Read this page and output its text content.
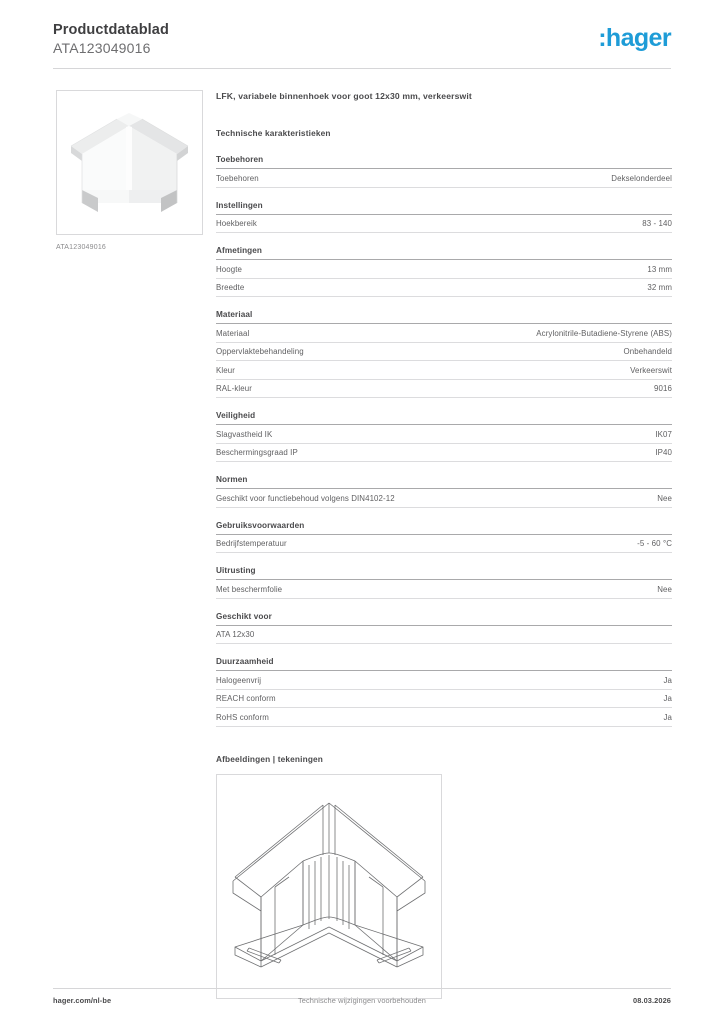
Productdatablad
ATA123049016	:hager
ATA123049016
LFK, variabele binnenhoek voor goot 12x30 mm, verkeerswit
Technische karakteristieken
Toebehoren
Toebehoren	Dekselonderdeel
Instellingen
Hoekbereik	83 - 140
Afmetingen
Hoogte	13 mm
Breedte	32 mm
Materiaal
Materiaal	Acrylonitrile-Butadiene-Styrene (ABS)
Oppervlaktebehandeling	Onbehandeld
Kleur	Verkeerswit
RAL-kleur	9016
Veiligheid
Slagvastheid IK	IK07
Beschermingsgraad IP	IP40
Normen
Geschikt voor functiebehoud volgens DIN4102-12	Nee
Gebruiksvoorwaarden
Bedrijfstemperatuur	-5 - 60 °C
Uitrusting
Met beschermfolie	Nee
Geschikt voor
ATA 12x30
Duurzaamheid
Halogeenvrij	Ja
REACH conform	Ja
RoHS conform	Ja
Afbeeldingen | tekeningen
hager.com/nl-be	Technische wijzigingen voorbehouden	08.03.2026
